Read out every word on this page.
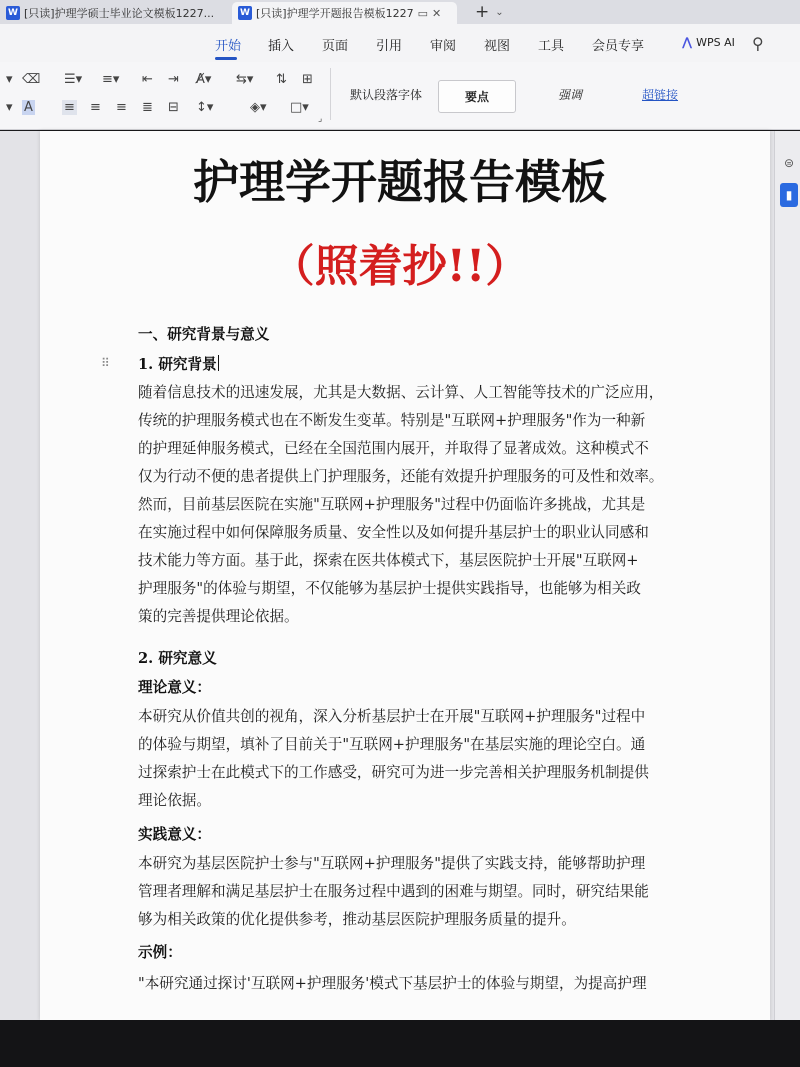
W [只读]护理学硕士毕业论文模板1227...	W [只读]护理学开题报告模板1227 ▭ ✕ + ⌄
开始 插入 页面 引用 审阅 视图 工具 会员专享	⋀ WPS AI ⚲
▾ ⌫ ☰▾ ≡▾ ⇤ ⇥ A̸▾ ⇆▾ ⇅ ⊞
▾ A ≡ ≡ ≡ ≣ ⊟ ↕▾	◈▾ □▾
⌟
默认段落字体	要点	强调	超链接
⊜
▮
护理学开题报告模板
（照着抄!!）
一、研究背景与意义
⠿ 1. 研究背景
随着信息技术的迅速发展，尤其是大数据、云计算、人工智能等技术的广泛应用，
传统的护理服务模式也在不断发生变革。特别是"互联网+护理服务"作为一种新
的护理延伸服务模式，已经在全国范围内展开，并取得了显著成效。这种模式不
仅为行动不便的患者提供上门护理服务，还能有效提升护理服务的可及性和效率。
然而，目前基层医院在实施"互联网+护理服务"过程中仍面临许多挑战，尤其是
在实施过程中如何保障服务质量、安全性以及如何提升基层护士的职业认同感和
技术能力等方面。基于此，探索在医共体模式下，基层医院护士开展"互联网+
护理服务"的体验与期望，不仅能够为基层护士提供实践指导，也能够为相关政
策的完善提供理论依据。
2. 研究意义
理论意义：
本研究从价值共创的视角，深入分析基层护士在开展"互联网+护理服务"过程中
的体验与期望，填补了目前关于"互联网+护理服务"在基层实施的理论空白。通
过探索护士在此模式下的工作感受，研究可为进一步完善相关护理服务机制提供
理论依据。
实践意义：
本研究为基层医院护士参与"互联网+护理服务"提供了实践支持，能够帮助护理
管理者理解和满足基层护士在服务过程中遇到的困难与期望。同时，研究结果能
够为相关政策的优化提供参考，推动基层医院护理服务质量的提升。
示例：
"本研究通过探讨'互联网+护理服务'模式下基层护士的体验与期望，为提高护理
